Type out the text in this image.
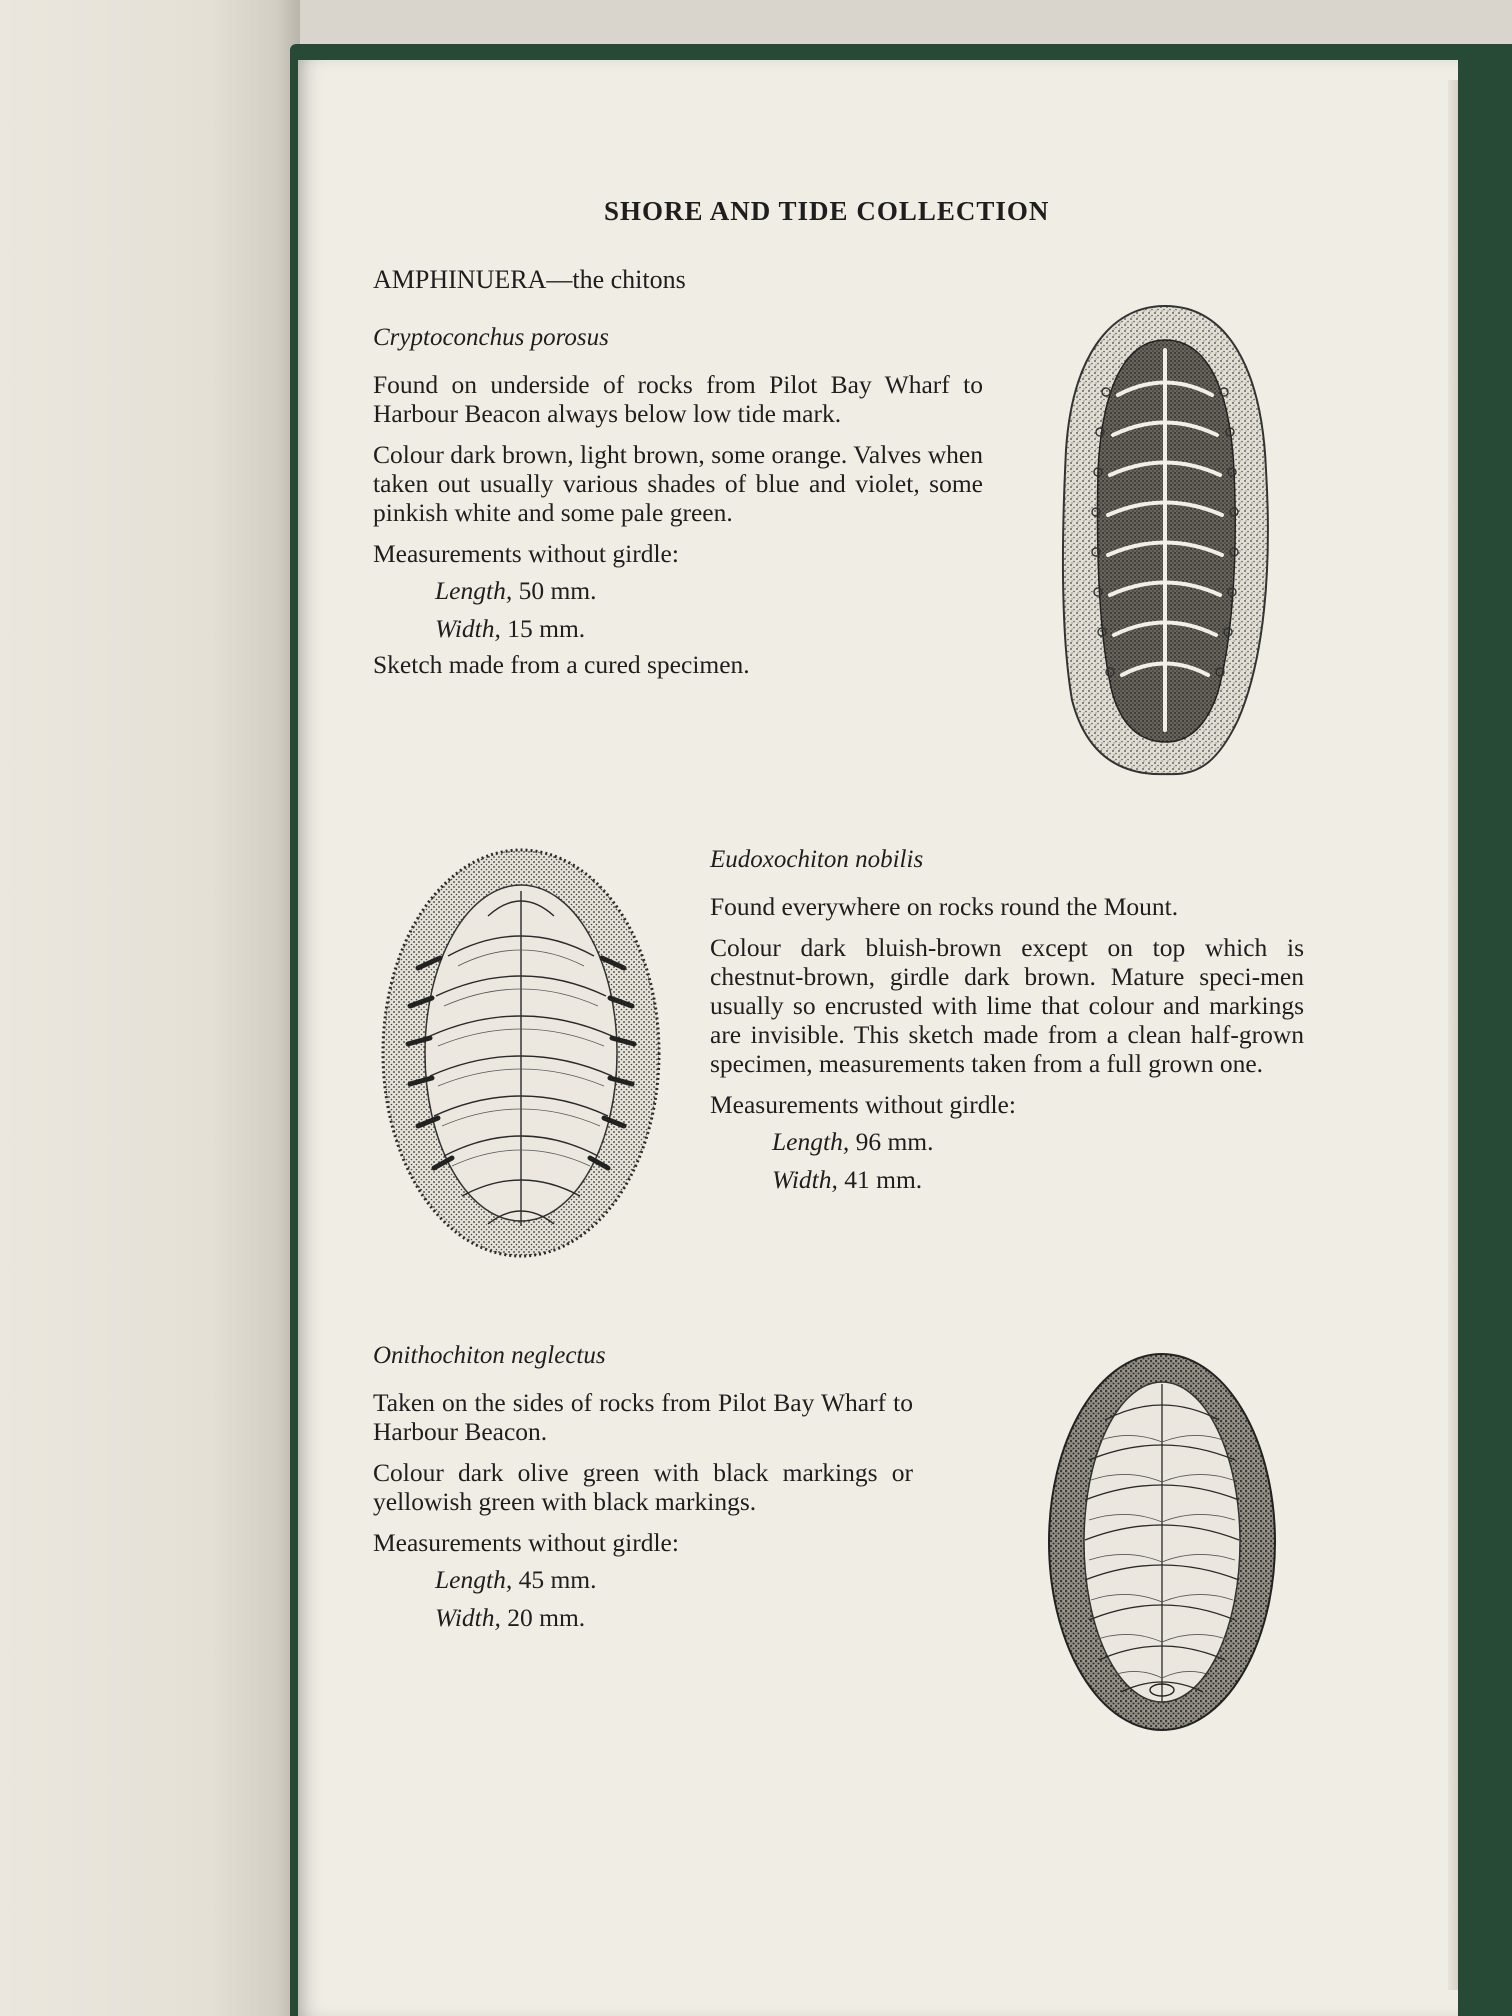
SHORE AND TIDE COLLECTION
AMPHINUERA—the chitons

Cryptoconchus porosus

Found on underside of rocks from Pilot Bay Wharf to Harbour Beacon always below low tide mark.

Colour dark brown, light brown, some orange. Valves when taken out usually various shades of blue and violet, some pinkish white and some pale green.

Measurements without girdle:

Length, 50 mm.
Width, 15 mm.

Sketch made from a cured specimen.

Eudoxochiton nobilis

Found everywhere on rocks round the Mount.

Colour dark bluish-brown except on top which is chestnut-brown, girdle dark brown. Mature speci-men usually so encrusted with lime that colour and markings are invisible. This sketch made from a clean half-grown specimen, measurements taken from a full grown one.

Measurements without girdle:

Length, 96 mm.
Width, 41 mm.

Onithochiton neglectus

Taken on the sides of rocks from Pilot Bay Wharf to Harbour Beacon.

Colour dark olive green with black markings or yellowish green with black markings.

Measurements without girdle:

Length, 45 mm.
Width, 20 mm.
